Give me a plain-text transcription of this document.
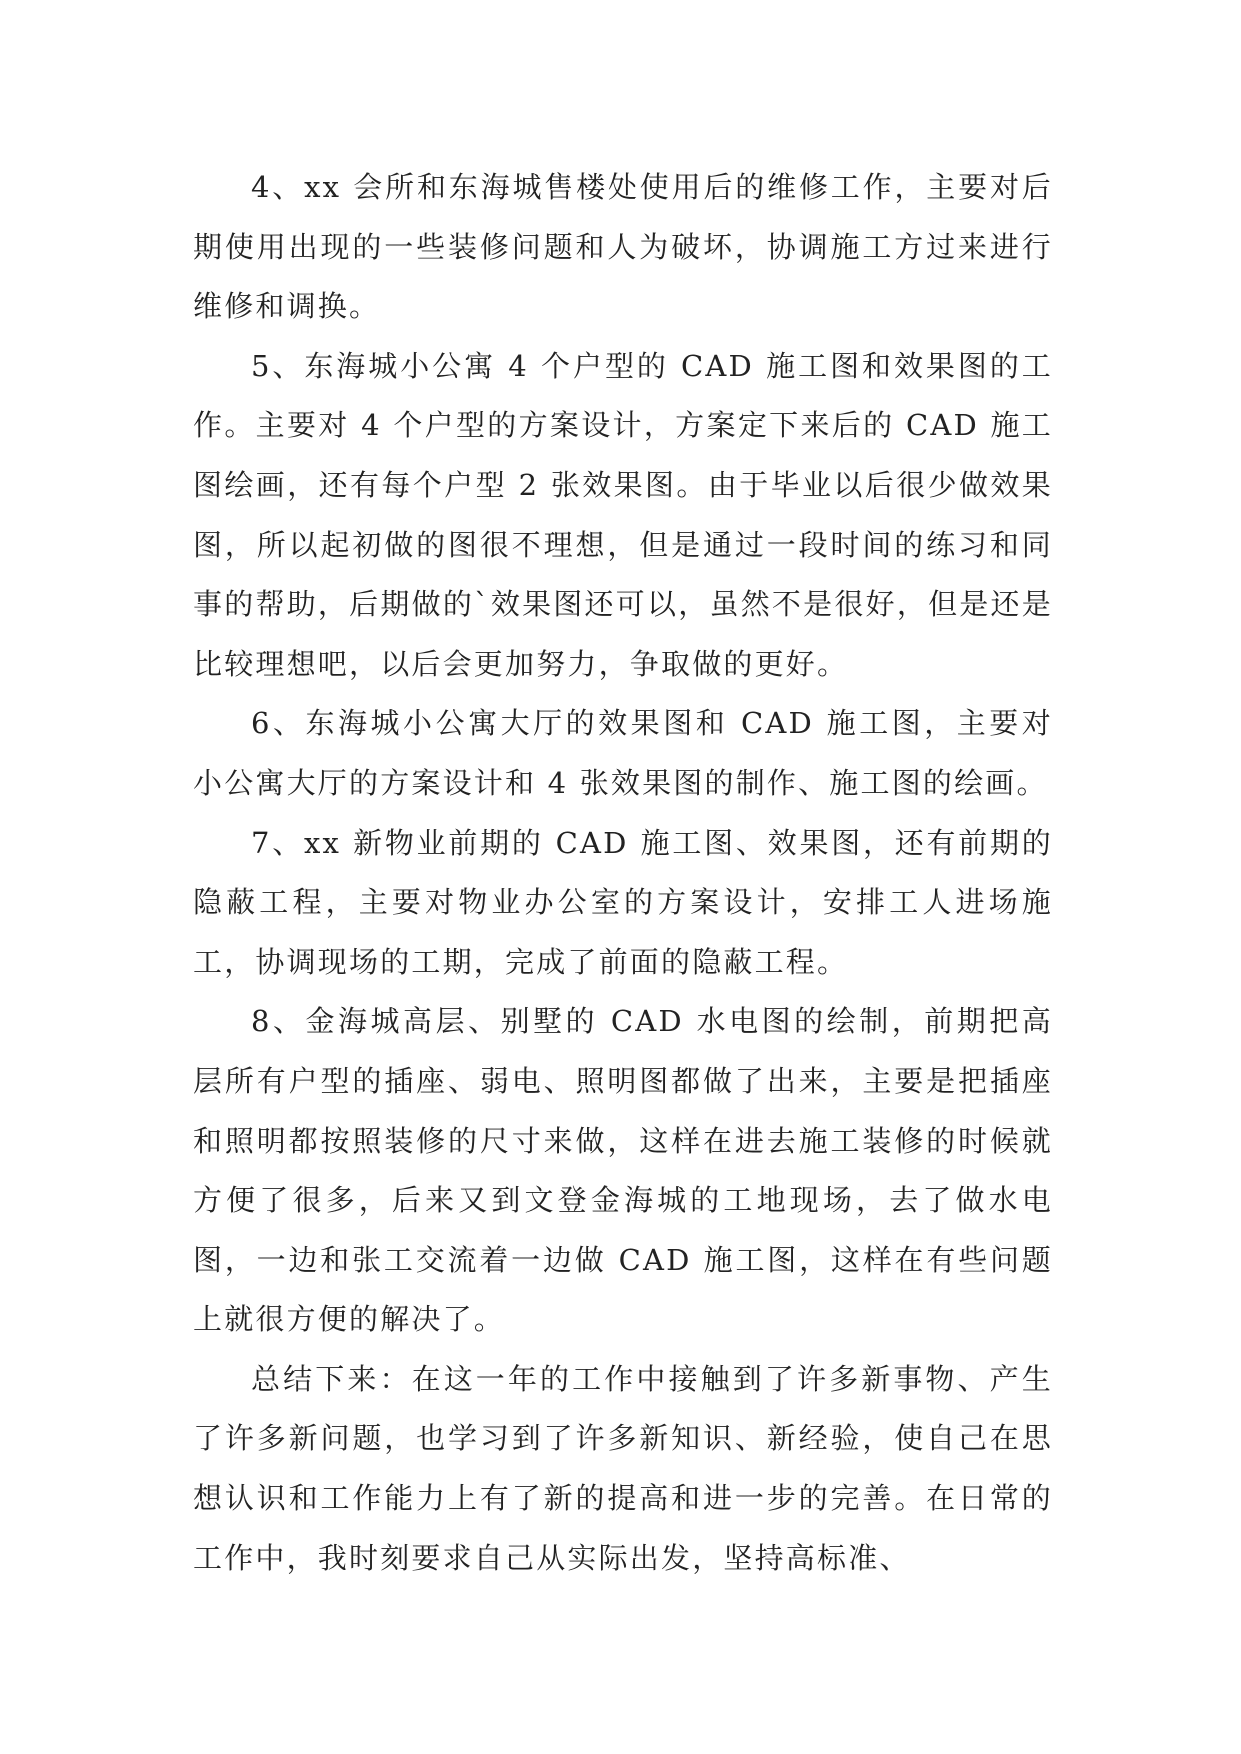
4、xx 会所和东海城售楼处使用后的维修工作，主要对后期使用出现的一些装修问题和人为破坏，协调施工方过来进行维修和调换。

5、东海城小公寓 4 个户型的 CAD 施工图和效果图的工作。主要对 4 个户型的方案设计，方案定下来后的 CAD 施工图绘画，还有每个户型 2 张效果图。由于毕业以后很少做效果图，所以起初做的图很不理想，但是通过一段时间的练习和同事的帮助，后期做的`效果图还可以，虽然不是很好，但是还是比较理想吧，以后会更加努力，争取做的更好。

6、东海城小公寓大厅的效果图和 CAD 施工图，主要对小公寓大厅的方案设计和 4 张效果图的制作、施工图的绘画。

7、xx 新物业前期的 CAD 施工图、效果图，还有前期的隐蔽工程，主要对物业办公室的方案设计，安排工人进场施工，协调现场的工期，完成了前面的隐蔽工程。

8、金海城高层、别墅的 CAD 水电图的绘制，前期把高层所有户型的插座、弱电、照明图都做了出来，主要是把插座和照明都按照装修的尺寸来做，这样在进去施工装修的时候就方便了很多，后来又到文登金海城的工地现场，去了做水电图，一边和张工交流着一边做 CAD 施工图，这样在有些问题上就很方便的解决了。

总结下来：在这一年的工作中接触到了许多新事物、产生了许多新问题，也学习到了许多新知识、新经验，使自己在思想认识和工作能力上有了新的提高和进一步的完善。在日常的工作中，我时刻要求自己从实际出发，坚持高标准、
